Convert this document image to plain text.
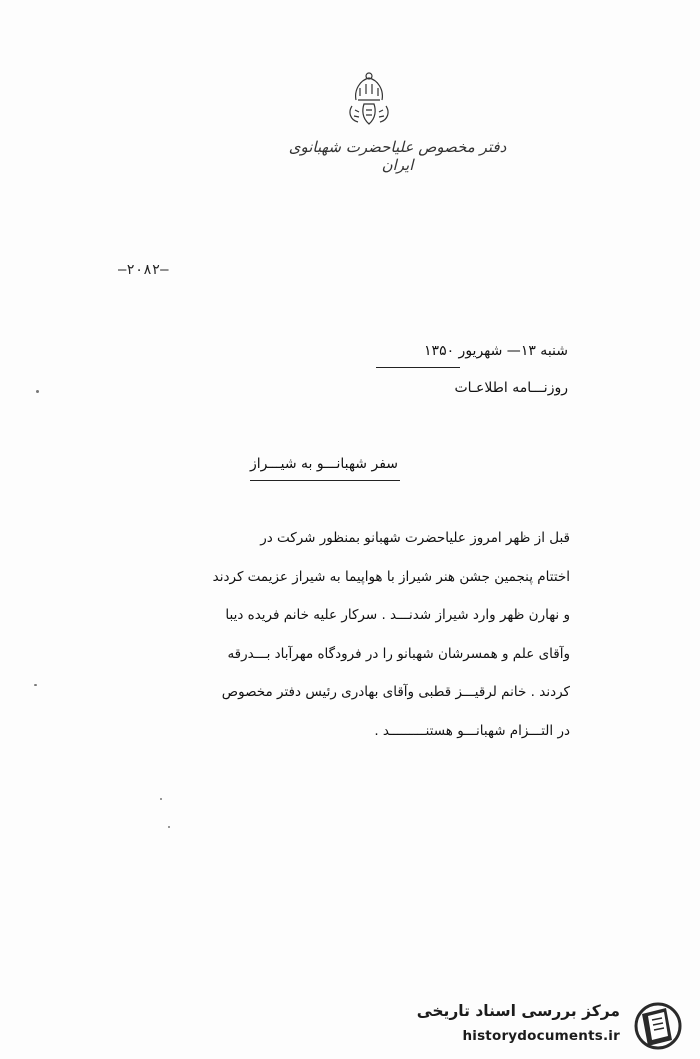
دفتر مخصوص علیاحضرت شهبانوی ایران
—۲۰۸۲—
شنبه ۱۳— شهریور ۱۳۵۰
روزنـــامه اطلاعـات
سفر شهبانـــو به شیـــراز
قبل از ظهر امروز علیاحضرت شهبانو بمنظور شرکت در
اختتام پنجمین جشن هنر شیراز با هواپیما به شیراز عزیمت کردند
و نهارن ظهر وارد شیراز شدنـــد . سرکار علیه خانم فریده دیبا
وآقای علم و همسرشان شهبانو را در فرودگاه مهرآباد بـــدرقه
کردند . خانم لرقیـــز قطبی وآقای بهادری رئیس دفتر مخصوص
در التـــزام شهبانـــو هستنـــــــــد .
مرکز بررسی اسناد تاریخی
historydocuments.ir
